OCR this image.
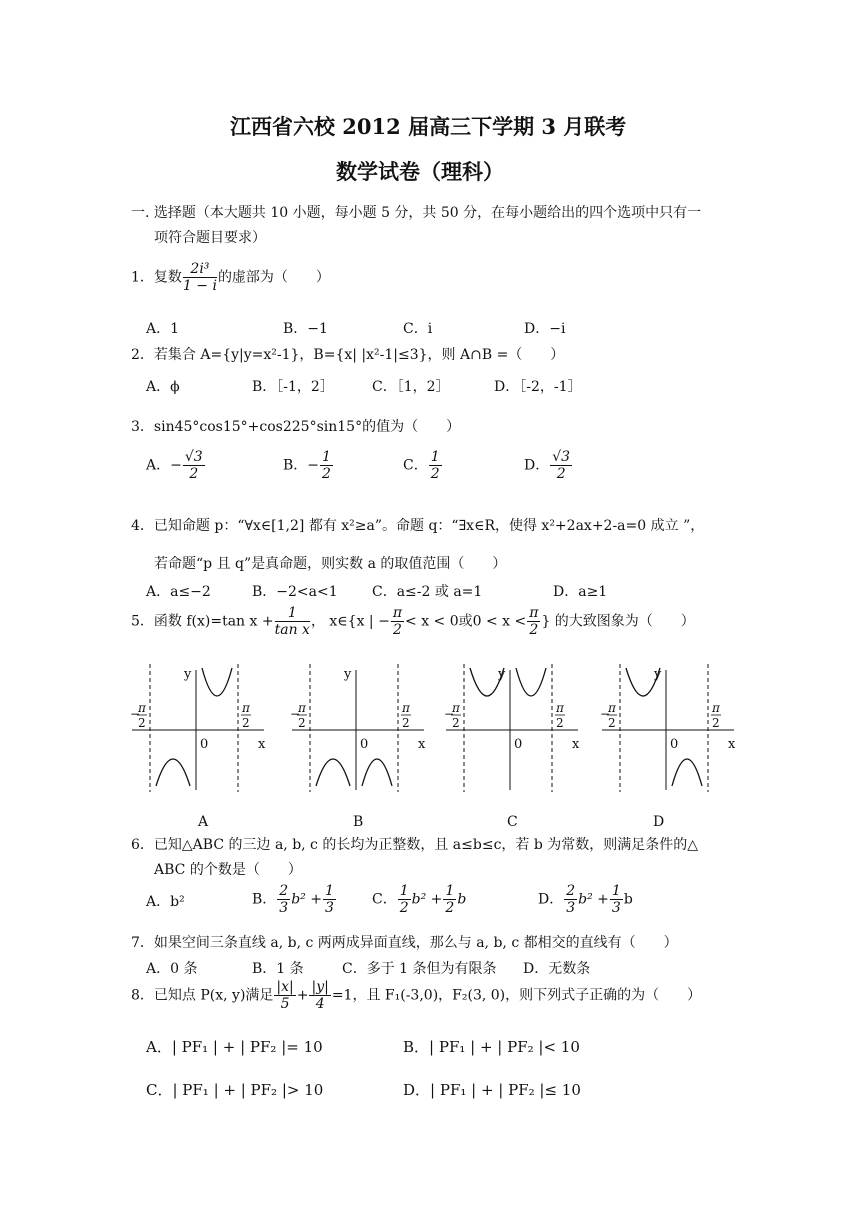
江西省六校 2012 届高三下学期 3 月联考
数学试卷（理科）
一. 选择题（本大题共 10 小题，每小题 5 分，共 50 分，在每小题给出的四个选项中只有一
项符合题目要求）
1．复数 $\frac{\text{2i³}}{1 - i}$ 的虚部为（　　）
A．1	B．−1	C．i	D．−i
2．若集合 A={y|y=x²-1}，B={x| |x²-1|≤3}，则 A∩B =（　　）
A．ϕ	B．［-1，2］	C．［1，2］	D．［-2，-1］
3．sin45°cos15°+cos225°sin15°的值为（　　）
A．− $\frac{√3}{2}$	B．− $\frac{1}{2}$	C． $\frac{1}{2}$	D． $\frac{√3}{2}$
4．已知命题 p：“∀x∈[1,2] 都有 x²≥a”。命题 q：“∃x∈R，使得 x²+2ax+2-a=0 成立 ”，
若命题“p 且 q”是真命题，则实数 a 的取值范围（　　）
A．a≤−2	B．−2<a<1 C．a≤-2 或 a=1	D．a≥1
5．函数 f(x)=tan $x + \frac{1}{\text{tan x}}$ ， x∈{x | − $\frac{\pi}{2} < x < 0$或$0 < x < \frac{\pi}{2}$ } 的大致图象为（　　）
y
x
0
−
π
2
π
2
y
x
0
−
π
2
π
2
y
x
0
−
π
2
π
2
y
x
0
−
π
2
π
2
A	B	C	D
6．已知△ABC 的三边 a, b, c 的长均为正整数，且 a≤b≤c，若 b 为常数，则满足条件的△
ABC 的个数是（　　）
A．b²	B． $\frac{2}{3} b^2 + \frac{1}{3}$	C． $\frac{1}{2} b^2 + \frac{1}{2}$ b	D． $\frac{2}{3} b^2 + \frac{1}{3}$ b
7．如果空间三条直线 a, b, c 两两成异面直线，那么与 a, b, c 都相交的直线有（　　）
A．0 条	B．1 条	C．多于 1 条但为有限条 D．无数条
8．已知点 P(x, y)满足 $\frac{|x|}{5} + \frac{|y|}{4} =1$，且 F₁(-3,0)，F₂(3, 0)，则下列式子正确的为（　　）
A．| PF₁ | + | PF₂ |= 10	B．| PF₁ | + | PF₂ |< 10
C．| PF₁ | + | PF₂ |> 10	D．| PF₁ | + | PF₂ |≤ 10
